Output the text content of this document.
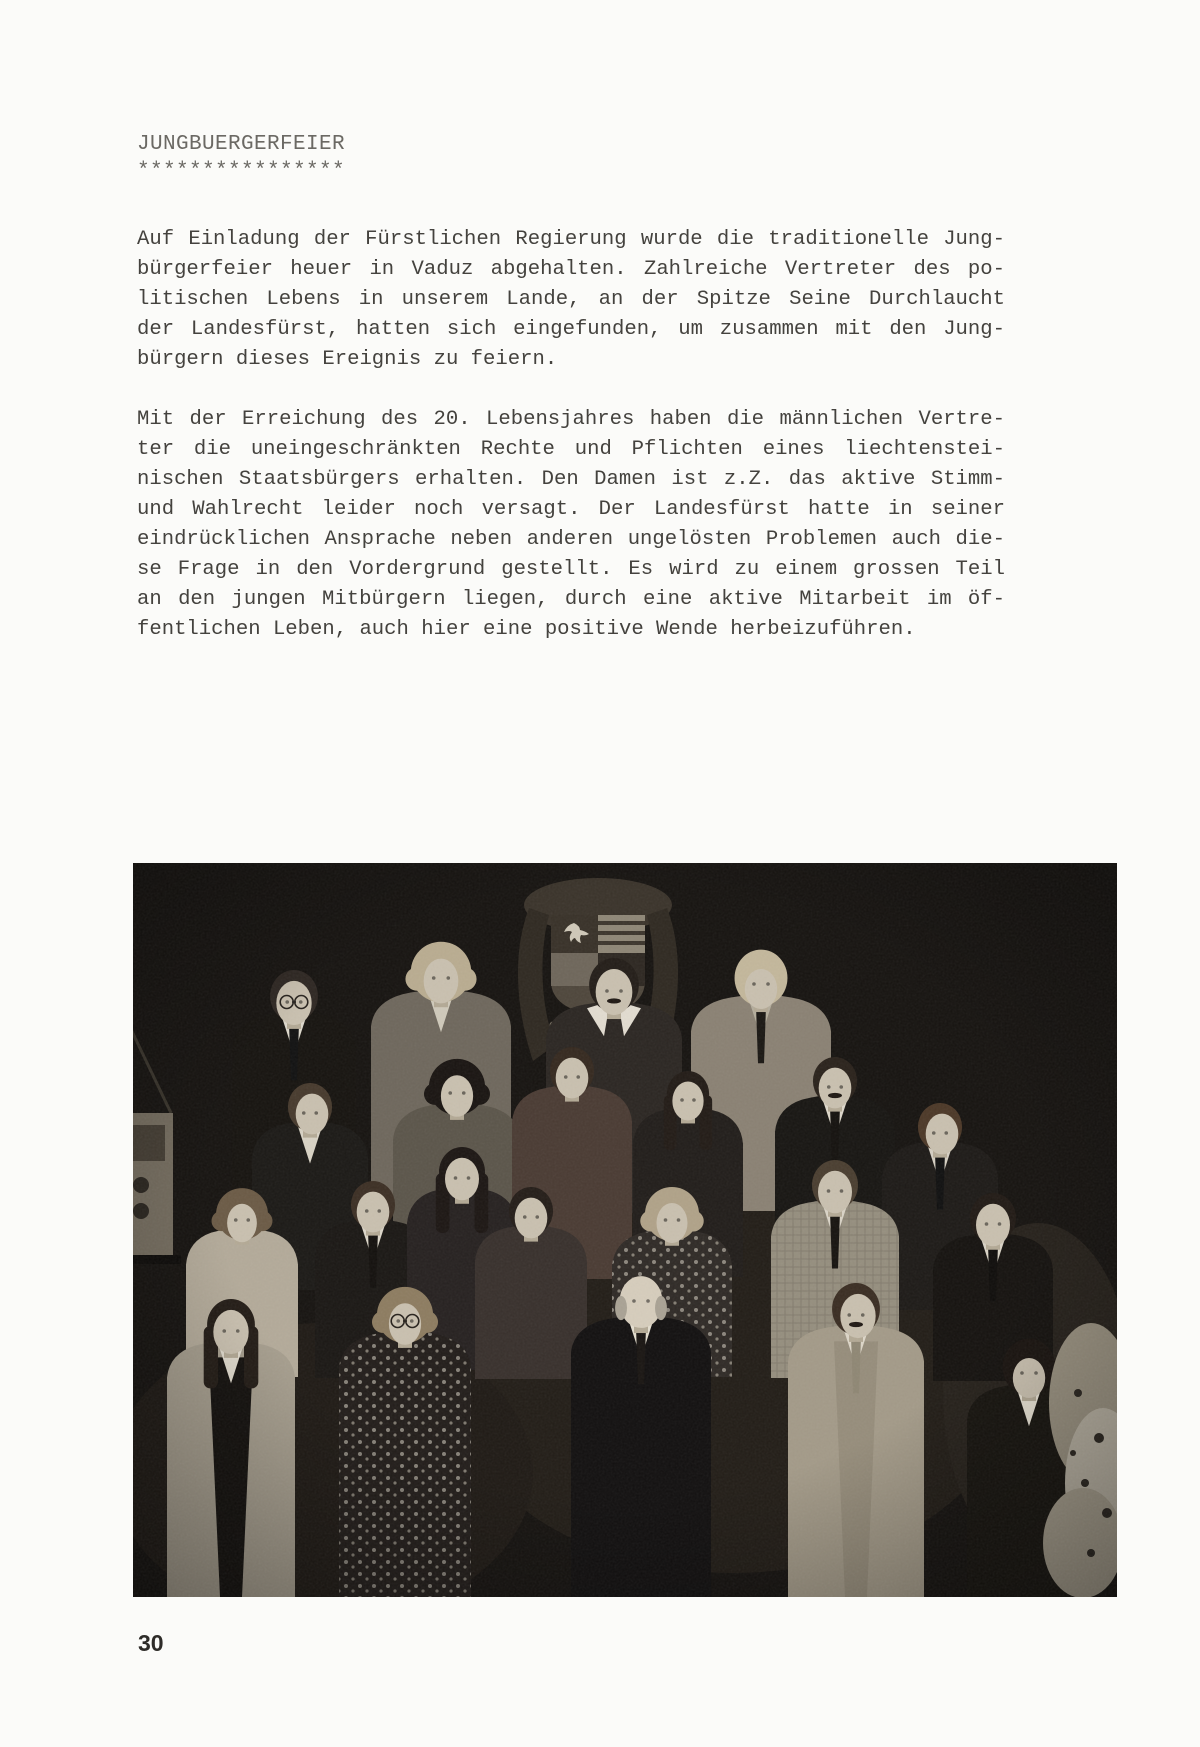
JUNGBUERGERFEIER
****************
Auf Einladung der Fürstlichen Regierung wurde die traditionelle Jung-
bürgerfeier heuer in Vaduz abgehalten. Zahlreiche Vertreter des po-
litischen Lebens in unserem Lande, an der Spitze Seine Durchlaucht
der Landesfürst, hatten sich eingefunden, um zusammen mit den Jung-
bürgern dieses Ereignis zu feiern.
Mit der Erreichung des 20. Lebensjahres haben die männlichen Vertre-
ter die uneingeschränkten Rechte und Pflichten eines liechtenstei-
nischen Staatsbürgers erhalten. Den Damen ist z.Z. das aktive Stimm-
und Wahlrecht leider noch versagt. Der Landesfürst hatte in seiner
eindrücklichen Ansprache neben anderen ungelösten Problemen auch die-
se Frage in den Vordergrund gestellt. Es wird zu einem grossen Teil
an den jungen Mitbürgern liegen, durch eine aktive Mitarbeit im öf-
fentlichen Leben, auch hier eine positive Wende herbeizuführen.
30
